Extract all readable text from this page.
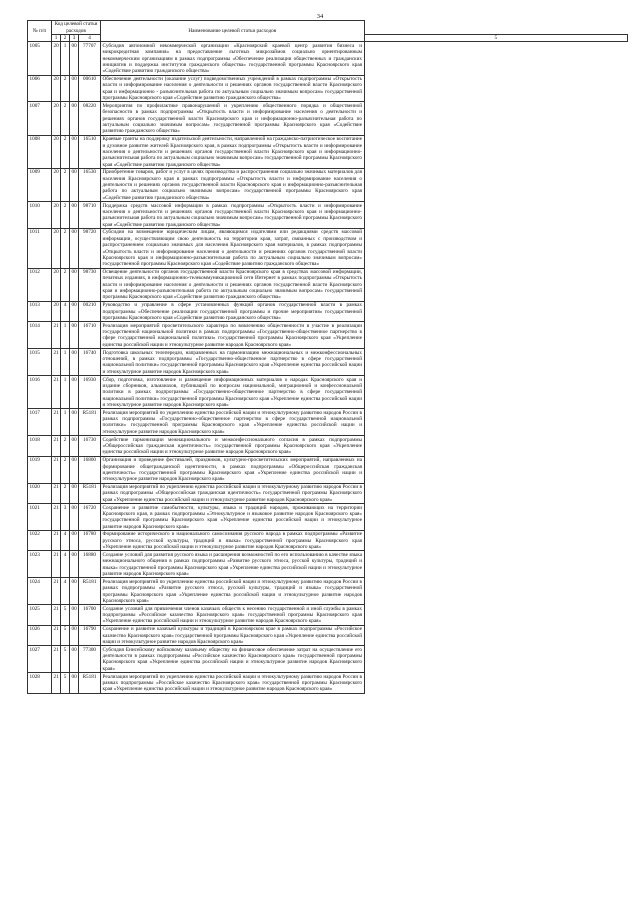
34
№ п/п	Код целевой статьи расходов				Наименование целевой статьи расходов	
	1	2	3	4		5

1005	20	1	00	77707	Субсидия автономной некоммерческой организации «Красноярский краевой центр развития бизнеса и микрокредитная компания» на предоставление льготных микрозаймов социально ориентированным некоммерческим организациям в рамках подпрограммы «Обеспечение реализации общественных и гражданских инициатив и поддержка институтов гражданского общества» государственной программы Красноярского края «Содействие развитию гражданского общества»	
1006	20	2	00	00610	Обеспечение деятельности (оказание услуг) подведомственных учреждений в рамках подпрограммы «Открытость власти и информирование населения о деятельности и решениях органов государственной власти Красноярского края и информационно - разъяснительная работа по актуальным социально значимым вопросам» государственной программы Красноярского края «Содействие развитию гражданского общества»	
1007	20	2	00	08220	Мероприятия по профилактике правонарушений и укреплению общественного порядка и общественной безопасности в рамках подпрограммы «Открытость власти и информирование населения о деятельности и решениях органов государственной власти Красноярского края и информационно-разъяснительная работа по актуальным социально значимым вопросам» государственной программы Красноярского края «Содействие развитию гражданского общества»	
1008	20	2	00	16510	Краевые гранты на поддержку издательской деятельности, направленной на гражданско-патриотическое воспитание и духовное развитие жителей Красноярского края, в рамках подпрограммы «Открытость власти и информирование населения о деятельности и решениях органов государственной власти Красноярского края и информационно-разъяснительная работа по актуальным социально значимым вопросам» государственной программы Красноярского края «Содействие развитию гражданского общества»	
1009	20	2	00	16530	Приобретение товаров, работ и услуг в целях производства и распространения социально значимых материалов для населения Красноярского края в рамках подпрограммы «Открытость власти и информирование населения о деятельности и решениях органов государственной власти Красноярского края и информационно-разъяснительная работа по актуальным социально значимым вопросам» государственной программы Красноярского края «Содействие развитию гражданского общества»	
1010	20	2	00	98710	Поддержка средств массовой информации в рамках подпрограммы «Открытость власти и информирование населения о деятельности и решениях органов государственной власти Красноярского края и информационно-разъяснительная работа по актуальным социально значимым вопросам» государственной программы Красноярского края «Содействие развитию гражданского общества»	
1011	20	2	00	98720	Субсидии на возмещение юридическим лицам, являющимся издателями или редакциями средств массовой информации, осуществляющим свою деятельность на территории края, затрат, связанных с производством и распространением социально значимых для населения Красноярского края материалов, в рамках подпрограммы «Открытость власти и информирование населения о деятельности и решениях органов государственной власти Красноярского края и информационно-разъяснительная работа по актуальным социально значимым вопросам» государственной программы Красноярского края «Содействие развитию гражданского общества»	
1012	20	2	00	98730	Освещение деятельности органов государственной власти Красноярского края в средствах массовой информации, печатных изданиях, в информационно-телекоммуникационной сети Интернет в рамках подпрограммы «Открытость власти и информирование населения о деятельности и решениях органов государственной власти Красноярского края и информационно-разъяснительная работа по актуальным социально значимым вопросам» государственной программы Красноярского края «Содействие развитию гражданского общества»	
1013	20	4	00	00210	Руководство и управление в сфере установленных функций органов государственной власти в рамках подпрограммы «Обеспечение реализации государственной программы и прочие мероприятия» государственной программы Красноярского края «Содействие развитию гражданского общества»	
1014	21	1	00	16710	Реализация мероприятий просветительского характера по вовлечению общественности в участие в реализации государственной национальной политики в рамках подпрограммы «Государственно-общественное партнерство в сфере государственной национальной политики» государственной программы Красноярского края «Укрепление единства российской нации и этнокультурное развитие народов Красноярского края»	
1015	21	1	00	16740	Подготовка школьных телепередач, направленных на гармонизацию межнациональных и межконфессиональных отношений, в рамках подпрограммы «Государственно-общественное партнерство в сфере государственной национальной политики» государственной программы Красноярского края «Укрепление единства российской нации и этнокультурное развитие народов Красноярского края»	
1016	21	1	00	16930	Сбор, подготовка, изготовление и размещение информационных материалов о народах Красноярского края и издание сборников, альманахов, публикаций по вопросам национальной, миграционной и конфессиональной политики в рамках подпрограммы «Государственно-общественное партнерство в сфере государственной национальной политики» государственной программы Красноярского края «Укрепление единства российской нации и этнокультурное развитие народов Красноярского края»	
1017	21	1	00	R5181	Реализация мероприятий по укреплению единства российской нации и этнокультурному развитию народов России в рамках подпрограммы «Государственно-общественное партнерство в сфере государственной национальной политики» государственной программы Красноярского края «Укрепление единства российской нации и этнокультурное развитие народов Красноярского края»	
1018	21	2	00	16730	Содействие гармонизации межнационального и межконфессионального согласия в рамках подпрограммы «Общероссийская гражданская идентичность» государственной программы Красноярского края «Укрепление единства российской нации и этнокультурное развитие народов Красноярского края»	
1019	21	2	00	16800	Организация и проведение фестивалей, праздников, культурно-просветительских мероприятий, направленных на формирование общегражданской идентичности, в рамках подпрограммы «Общероссийская гражданская идентичность» государственной программы Красноярского края «Укрепление единства российской нации и этнокультурное развитие народов Красноярского края»	
1020	21	2	00	R5181	Реализация мероприятий по укреплению единства российской нации и этнокультурному развитию народов России в рамках подпрограммы «Общероссийская гражданская идентичность» государственной программы Красноярского края «Укрепление единства российской нации и этнокультурное развитие народов Красноярского края»	
1021	21	3	00	16720	Сохранение и развитие самобытности, культуры, языка и традиций народов, проживающих на территории Красноярского края, в рамках подпрограммы «Этнокультурное и языковое развитие народов Красноярского края» государственной программы Красноярского края «Укрепление единства российской нации и этнокультурное развитие народов Красноярского края»	
1022	21	4	00	16780	Формирование исторического и национального самосознания русского народа в рамках подпрограммы «Развитие русского этноса, русской культуры, традиций и языка» государственной программы Красноярского края «Укрепление единства российской нации и этнокультурное развитие народов Красноярского края»	
1023	21	4	00	16880	Создание условий для развития русского языка и расширения возможностей по его использованию в качестве языка межнационального общения в рамках подпрограммы «Развитие русского этноса, русской культуры, традиций и языка» государственной программы Красноярского края «Укрепление единства российской нации и этнокультурное развитие народов Красноярского края»	
1024	21	4	00	R5181	Реализация мероприятий по укреплению единства российской нации и этнокультурному развитию народов России в рамках подпрограммы «Развитие русского этноса, русской культуры, традиций и языка» государственной программы Красноярского края «Укрепление единства российской нации и этнокультурное развитие народов Красноярского края»	
1025	21	5	00	16700	Создание условий для привлечения членов казачьих обществ к несению государственной и иной службы в рамках подпрограммы «Российское казачество Красноярского края» государственной программы Красноярского края «Укрепление единства российской нации и этнокультурное развитие народов Красноярского края»	
1026	21	5	00	16790	Сохранение и развитие казачьей культуры и традиций в Красноярском крае в рамках подпрограммы «Российское казачество Красноярского края» государственной программы Красноярского края «Укрепление единства российской нации и этнокультурное развитие народов Красноярского края»	
1027	21	5	00	77300	Субсидия Енисейскому войсковому казачьему обществу на финансовое обеспечение затрат на осуществление его деятельности в рамках подпрограммы «Российское казачество Красноярского края» государственной программы Красноярского края «Укрепление единства российской нации и этнокультурное развитие народов Красноярского края»	
1028	21	5	00	R5181	Реализация мероприятий по укреплению единства российской нации и этнокультурному развитию народов России в рамках подпрограммы «Российское казачество Красноярского края» государственной программы Красноярского края «Укрепление единства российской нации и этнокультурное развитие народов Красноярского края»	
